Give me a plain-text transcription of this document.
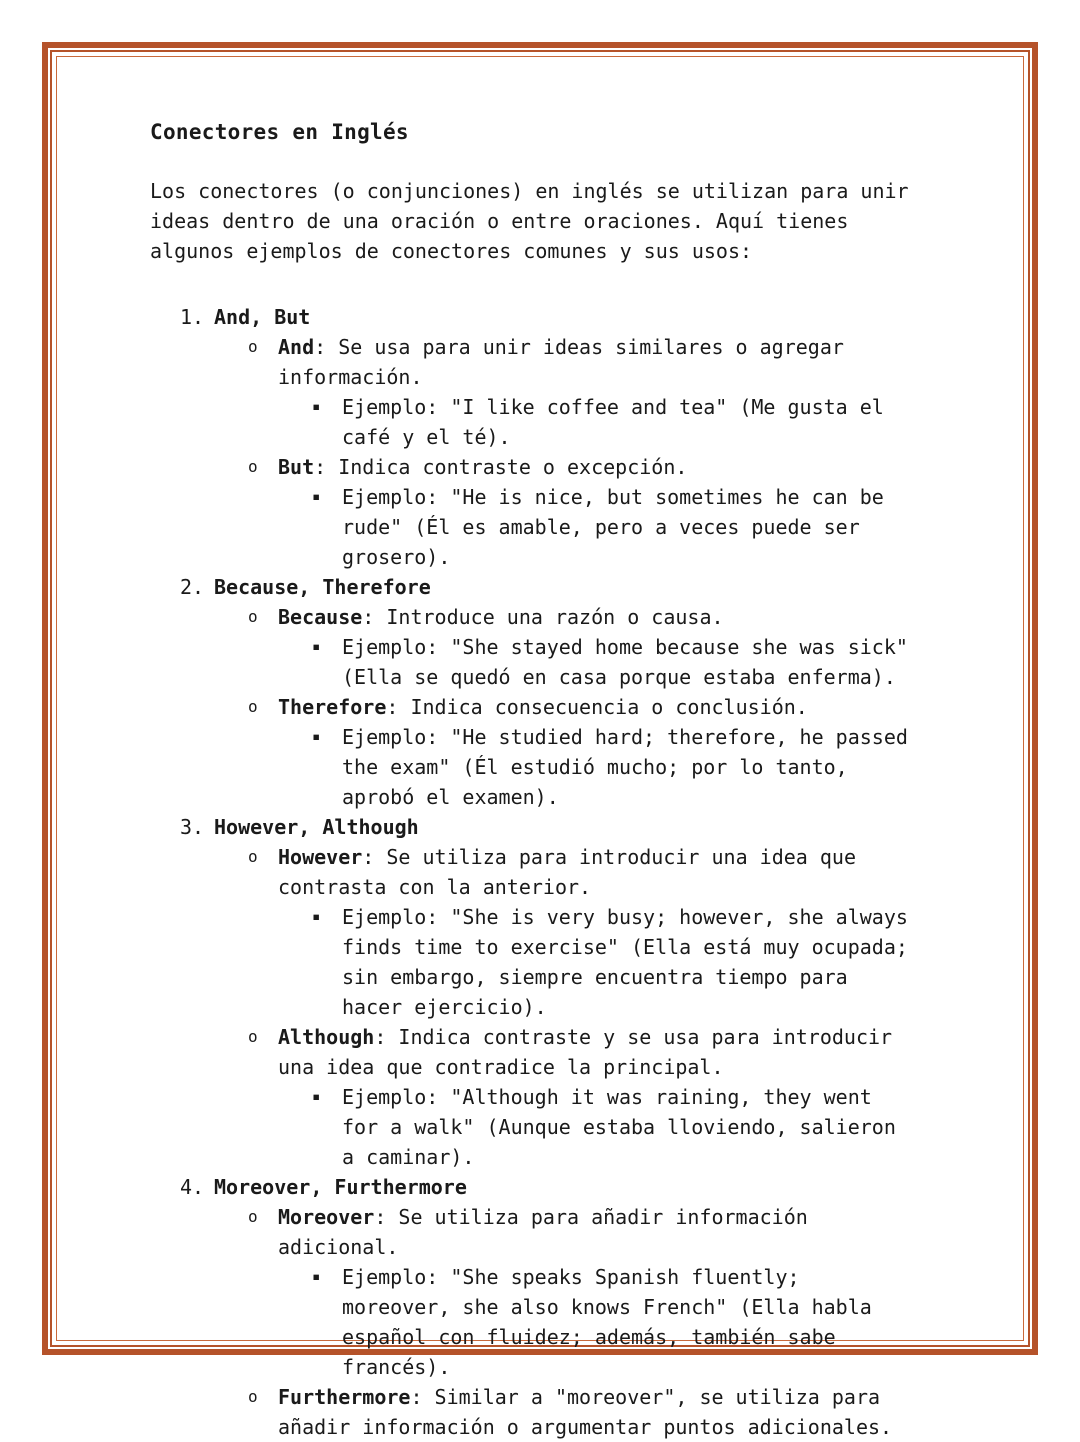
Conectores en Inglés

Los conectores (o conjunciones) en inglés se utilizan para unir ideas dentro de una oración o entre oraciones. Aquí tienes algunos ejemplos de conectores comunes y sus usos:

1. And, But
o And: Se usa para unir ideas similares o agregar información.
▪ Ejemplo: "I like coffee and tea" (Me gusta el café y el té).
o But: Indica contraste o excepción.
▪ Ejemplo: "He is nice, but sometimes he can be rude" (Él es amable, pero a veces puede ser grosero).
2. Because, Therefore
o Because: Introduce una razón o causa.
▪ Ejemplo: "She stayed home because she was sick" (Ella se quedó en casa porque estaba enferma).
o Therefore: Indica consecuencia o conclusión.
▪ Ejemplo: "He studied hard; therefore, he passed the exam" (Él estudió mucho; por lo tanto, aprobó el examen).
3. However, Although
o However: Se utiliza para introducir una idea que contrasta con la anterior.
▪ Ejemplo: "She is very busy; however, she always finds time to exercise" (Ella está muy ocupada; sin embargo, siempre encuentra tiempo para hacer ejercicio).
o Although: Indica contraste y se usa para introducir una idea que contradice la principal.
▪ Ejemplo: "Although it was raining, they went for a walk" (Aunque estaba lloviendo, salieron a caminar).
4. Moreover, Furthermore
o Moreover: Se utiliza para añadir información adicional.
▪ Ejemplo: "She speaks Spanish fluently; moreover, she also knows French" (Ella habla español con fluidez; además, también sabe francés).
o Furthermore: Similar a "moreover", se utiliza para añadir información o argumentar puntos adicionales.
